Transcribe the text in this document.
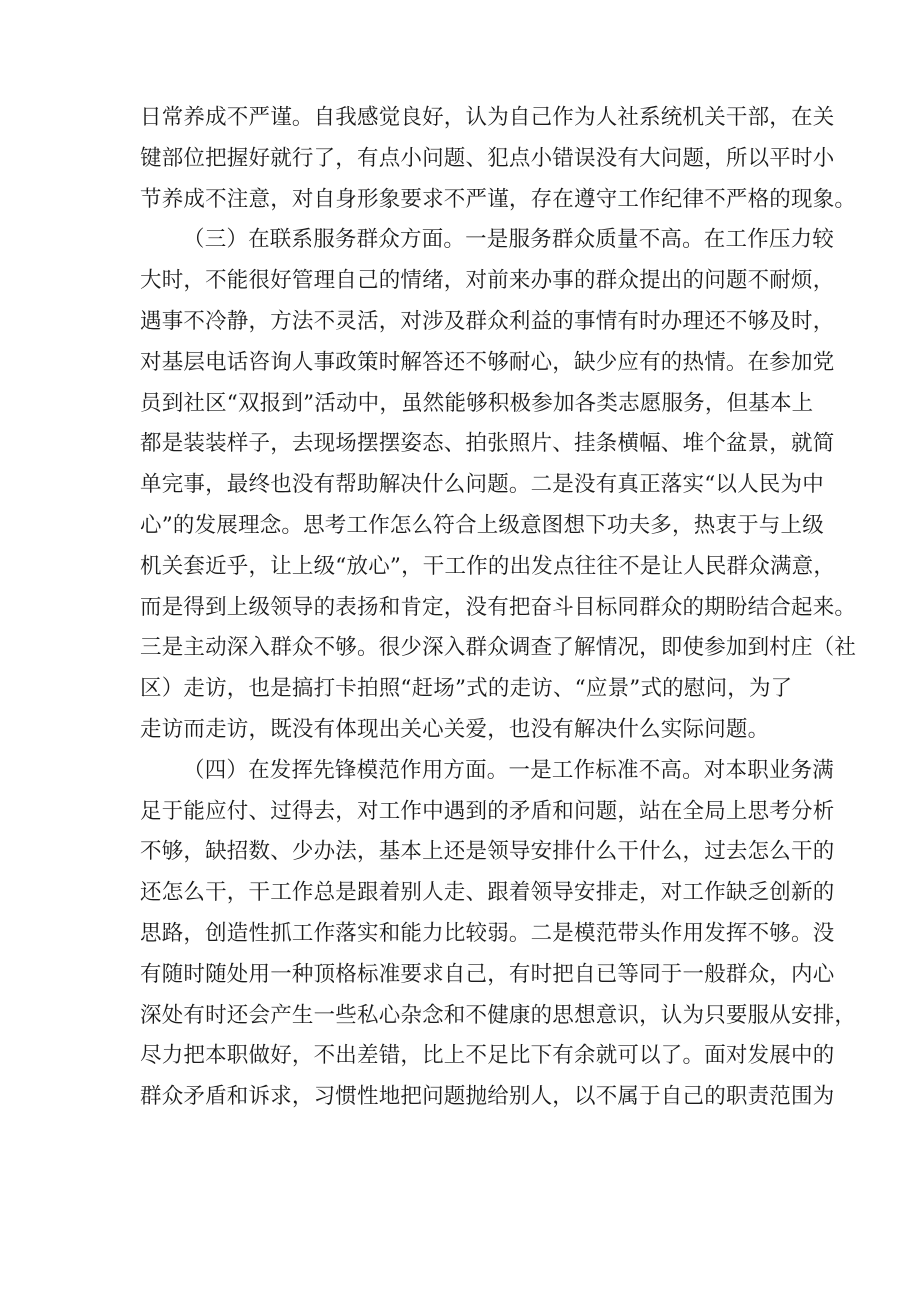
日常养成不严谨。自我感觉良好，认为自己作为人社系统机关干部，在关
键部位把握好就行了，有点小问题、犯点小错误没有大问题，所以平时小
节养成不注意，对自身形象要求不严谨，存在遵守工作纪律不严格的现象。
（三）在联系服务群众方面。一是服务群众质量不高。在工作压力较
大时，不能很好管理自己的情绪，对前来办事的群众提出的问题不耐烦，
遇事不冷静，方法不灵活，对涉及群众利益的事情有时办理还不够及时，
对基层电话咨询人事政策时解答还不够耐心，缺少应有的热情。在参加党
员到社区“双报到”活动中，虽然能够积极参加各类志愿服务，但基本上
都是装装样子，去现场摆摆姿态、拍张照片、挂条横幅、堆个盆景，就简
单完事，最终也没有帮助解决什么问题。二是没有真正落实“以人民为中
心”的发展理念。思考工作怎么符合上级意图想下功夫多，热衷于与上级
机关套近乎，让上级“放心”，干工作的出发点往往不是让人民群众满意，
而是得到上级领导的表扬和肯定，没有把奋斗目标同群众的期盼结合起来。
三是主动深入群众不够。很少深入群众调查了解情况，即使参加到村庄（社
区）走访，也是搞打卡拍照“赶场”式的走访、“应景”式的慰问，为了
走访而走访，既没有体现出关心关爱，也没有解决什么实际问题。
（四）在发挥先锋模范作用方面。一是工作标准不高。对本职业务满
足于能应付、过得去，对工作中遇到的矛盾和问题，站在全局上思考分析
不够，缺招数、少办法，基本上还是领导安排什么干什么，过去怎么干的
还怎么干，干工作总是跟着别人走、跟着领导安排走，对工作缺乏创新的
思路，创造性抓工作落实和能力比较弱。二是模范带头作用发挥不够。没
有随时随处用一种顶格标准要求自己，有时把自已等同于一般群众，内心
深处有时还会产生一些私心杂念和不健康的思想意识，认为只要服从安排，
尽力把本职做好，不出差错，比上不足比下有余就可以了。面对发展中的
群众矛盾和诉求，习惯性地把问题抛给别人，以不属于自己的职责范围为
